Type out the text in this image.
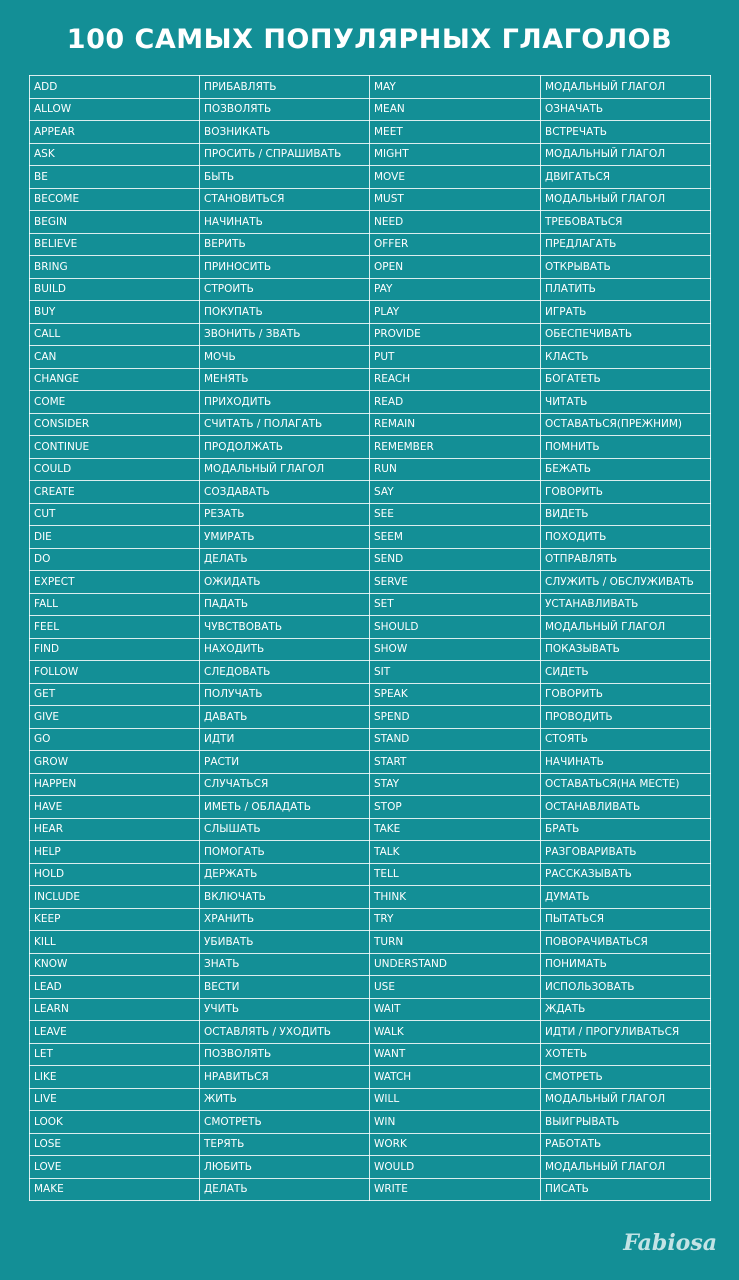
100 САМЫХ ПОПУЛЯРНЫХ ГЛАГОЛОВ
ADD	ПРИБАВЛЯТЬ	MAY	МОДАЛЬНЫЙ ГЛАГОЛ
ALLOW	ПОЗВОЛЯТЬ	MEAN	ОЗНАЧАТЬ
APPEAR	ВОЗНИКАТЬ	MEET	ВСТРЕЧАТЬ
ASK	ПРОСИТЬ / СПРАШИВАТЬ	MIGHT	МОДАЛЬНЫЙ ГЛАГОЛ
BE	БЫТЬ	MOVE	ДВИГАТЬСЯ
BECOME	СТАНОВИТЬСЯ	MUST	МОДАЛЬНЫЙ ГЛАГОЛ
BEGIN	НАЧИНАТЬ	NEED	ТРЕБОВАТЬСЯ
BELIEVE	ВЕРИТЬ	OFFER	ПРЕДЛАГАТЬ
BRING	ПРИНОСИТЬ	OPEN	ОТКРЫВАТЬ
BUILD	СТРОИТЬ	PAY	ПЛАТИТЬ
BUY	ПОКУПАТЬ	PLAY	ИГРАТЬ
CALL	ЗВОНИТЬ / ЗВАТЬ	PROVIDE	ОБЕСПЕЧИВАТЬ
CAN	МОЧЬ	PUT	КЛАСТЬ
CHANGE	МЕНЯТЬ	REACH	БОГАТЕТЬ
COME	ПРИХОДИТЬ	READ	ЧИТАТЬ
CONSIDER	СЧИТАТЬ / ПОЛАГАТЬ	REMAIN	ОСТАВАТЬСЯ(ПРЕЖНИМ)
CONTINUE	ПРОДОЛЖАТЬ	REMEMBER	ПОМНИТЬ
COULD	МОДАЛЬНЫЙ ГЛАГОЛ	RUN	БЕЖАТЬ
CREATE	СОЗДАВАТЬ	SAY	ГОВОРИТЬ
CUT	РЕЗАТЬ	SEE	ВИДЕТЬ
DIE	УМИРАТЬ	SEEM	ПОХОДИТЬ
DO	ДЕЛАТЬ	SEND	ОТПРАВЛЯТЬ
EXPECT	ОЖИДАТЬ	SERVE	СЛУЖИТЬ / ОБСЛУЖИВАТЬ
FALL	ПАДАТЬ	SET	УСТАНАВЛИВАТЬ
FEEL	ЧУВСТВОВАТЬ	SHOULD	МОДАЛЬНЫЙ ГЛАГОЛ
FIND	НАХОДИТЬ	SHOW	ПОКАЗЫВАТЬ
FOLLOW	СЛЕДОВАТЬ	SIT	СИДЕТЬ
GET	ПОЛУЧАТЬ	SPEAK	ГОВОРИТЬ
GIVE	ДАВАТЬ	SPEND	ПРОВОДИТЬ
GO	ИДТИ	STAND	СТОЯТЬ
GROW	РАСТИ	START	НАЧИНАТЬ
HAPPEN	СЛУЧАТЬСЯ	STAY	ОСТАВАТЬСЯ(НА МЕСТЕ)
HAVE	ИМЕТЬ / ОБЛАДАТЬ	STOP	ОСТАНАВЛИВАТЬ
HEAR	СЛЫШАТЬ	TAKE	БРАТЬ
HELP	ПОМОГАТЬ	TALK	РАЗГОВАРИВАТЬ
HOLD	ДЕРЖАТЬ	TELL	РАССКАЗЫВАТЬ
INCLUDE	ВКЛЮЧАТЬ	THINK	ДУМАТЬ
KEEP	ХРАНИТЬ	TRY	ПЫТАТЬСЯ
KILL	УБИВАТЬ	TURN	ПОВОРАЧИВАТЬСЯ
KNOW	ЗНАТЬ	UNDERSTAND	ПОНИМАТЬ
LEAD	ВЕСТИ	USE	ИСПОЛЬЗОВАТЬ
LEARN	УЧИТЬ	WAIT	ЖДАТЬ
LEAVE	ОСТАВЛЯТЬ / УХОДИТЬ	WALK	ИДТИ / ПРОГУЛИВАТЬСЯ
LET	ПОЗВОЛЯТЬ	WANT	ХОТЕТЬ
LIKE	НРАВИТЬСЯ	WATCH	СМОТРЕТЬ
LIVE	ЖИТЬ	WILL	МОДАЛЬНЫЙ ГЛАГОЛ
LOOK	СМОТРЕТЬ	WIN	ВЫИГРЫВАТЬ
LOSE	ТЕРЯТЬ	WORK	РАБОТАТЬ
LOVE	ЛЮБИТЬ	WOULD	МОДАЛЬНЫЙ ГЛАГОЛ
MAKE	ДЕЛАТЬ	WRITE	ПИСАТЬ
Fabiosa
